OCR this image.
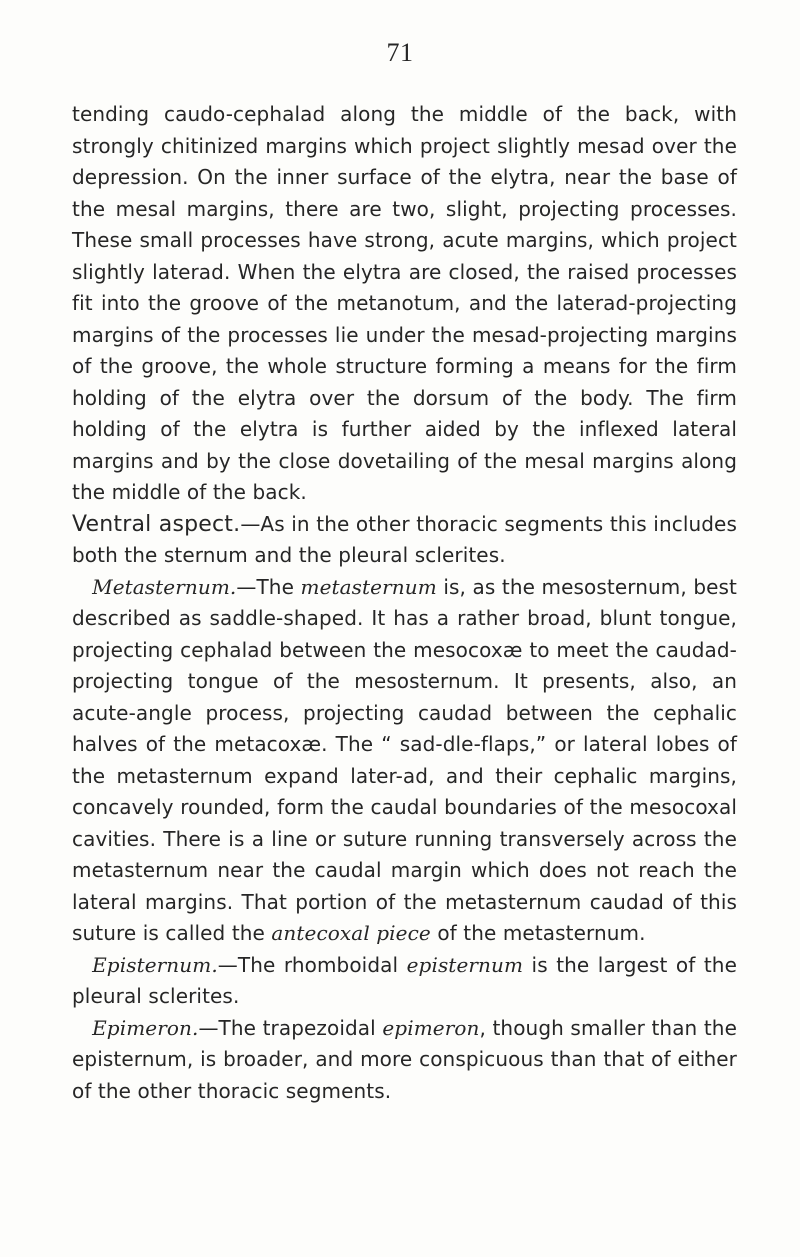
71

tending caudo-cephalad along the middle of the back, with strongly chitinized margins which project slightly mesad over the depression. On the inner surface of the elytra, near the base of the mesal margins, there are two, slight, projecting processes. These small processes have strong, acute margins, which project slightly laterad. When the elytra are closed, the raised processes fit into the groove of the metanotum, and the laterad-projecting margins of the processes lie under the mesad-projecting margins of the groove, the whole structure forming a means for the firm holding of the elytra over the dorsum of the body. The firm holding of the elytra is further aided by the inflexed lateral margins and by the close dovetailing of the mesal margins along the middle of the back.

Ventral aspect.—As in the other thoracic segments this includes both the sternum and the pleural sclerites.

 Metasternum.—The metasternum is, as the mesosternum, best described as saddle-shaped. It has a rather broad, blunt tongue, projecting cephalad between the mesocoxæ to meet the caudad-projecting tongue of the mesosternum. It presents, also, an acute-angle process, projecting caudad between the cephalic halves of the metacoxæ. The “ sad-dle-flaps,” or lateral lobes of the metasternum expand later-ad, and their cephalic margins, concavely rounded, form the caudal boundaries of the mesocoxal cavities. There is a line or suture running transversely across the metasternum near the caudal margin which does not reach the lateral margins. That portion of the metasternum caudad of this suture is called the antecoxal piece of the metasternum.

 Episternum.—The rhomboidal episternum is the largest of the pleural sclerites.

 Epimeron.—The trapezoidal epimeron, though smaller than the episternum, is broader, and more conspicuous than that of either of the other thoracic segments.
